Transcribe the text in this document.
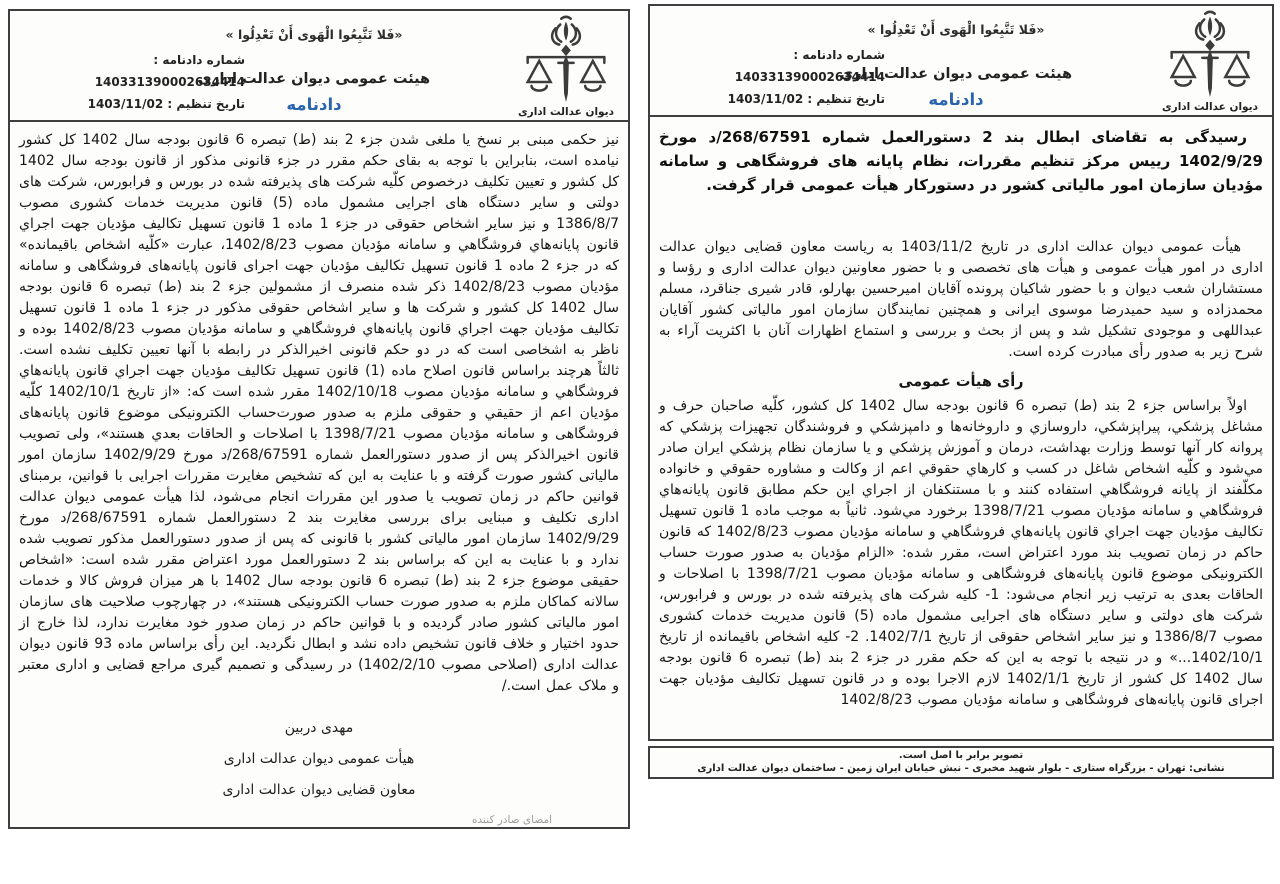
«فَلا تَتَّبِعُوا الْهَوی أَنْ تَعْدِلُوا »
شماره دادنامه : 140331390002634414
تاریخ تنظیم : 1403/11/02
هیئت عمومی دیوان عدالت اداری
دادنامه	دیوان عدالت اداری

رسیدگی به تقاضای ابطال بند 2 دستورالعمل شماره 268/67591/د مورخ 1402/9/29 رییس مرکز تنظیم مقررات، نظام پایانه های فروشگاهی و سامانه مؤدیان سازمان امور مالیاتی کشور در دستورکار هیأت عمومی قرار گرفت.

هیأت عمومی دیوان عدالت اداری در تاریخ 1403/11/2 به ریاست معاون قضایی دیوان عدالت اداری در امور هیأت عمومی و هیأت های تخصصی و با حضور معاونین دیوان عدالت اداری و رؤسا و مستشاران شعب دیوان و با حضور شاکیان پرونده آقایان امیرحسین بهارلو، قادر شیری جناقرد، مسلم محمدزاده و سید حمیدرضا موسوی ایرانی و همچنین نمایندگان سازمان امور مالیاتی کشور آقایان عبداللهی و موجودی تشکیل شد و پس از بحث و بررسی و استماع اظهارات آنان با اکثریت آراء به شرح زیر به صدور رأی مبادرت کرده است.

رأی هیأت عمومی

اولاً براساس جزء 2 بند (ط) تبصره 6 قانون بودجه سال 1402 کل کشور، کلّیه صاحبان حرف و مشاغل پزشکي، پیراپزشکي، داروسازي و داروخانه‌ها و دامپزشکي و فروشندگان تجهیزات پزشکي که پروانه کار آنها توسط وزارت بهداشت، درمان و آموزش پزشکي و یا سازمان نظام پزشکي ایران صادر مي‌شود و کلّیه اشخاص شاغل در کسب و کارهاي حقوقي اعم از وکالت و مشاوره حقوقي و خانواده مکلّفند از پایانه فروشگاهي استفاده کنند و با مستنکفان از اجراي این حکم مطابق قانون پایانه‌هاي فروشگاهي و سامانه مؤدیان مصوب 1398/7/21 برخورد مي‌شود. ثانیاً به موجب ماده 1 قانون تسهیل تکالیف مؤدیان جهت اجراي قانون پایانه‌هاي فروشگاهي و سامانه مؤدیان مصوب 1402/8/23 که قانون حاکم در زمان تصویب بند مورد اعتراض است، مقرر شده: «الزام مؤدیان به صدور صورت حساب الکترونیکی موضوع قانون پایانه‌های فروشگاهی و سامانه مؤدیان مصوب 1398/7/21 با اصلاحات و الحاقات بعدی به ترتیب زیر انجام می‌شود: 1- کلیه شرکت های پذیرفته شده در بورس و فرابورس، شرکت های دولتی و سایر دستگاه های اجرایی مشمول ماده (5) قانون مدیریت خدمات کشوری مصوب 1386/8/7 و نیز سایر اشخاص حقوقی از تاریخ 1402/7/1. 2- کلیه اشخاص باقیمانده از تاریخ 1402/10/1...» و در نتیجه با توجه به این که حکم مقرر در جزء 2 بند (ط) تبصره 6 قانون بودجه سال 1402 کل کشور از تاریخ 1402/1/1 لازم الاجرا بوده و در قانون تسهیل تکالیف مؤدیان جهت اجرای قانون پایانه‌های فروشگاهی و سامانه مؤدیان مصوب 1402/8/23

تصویر برابر با اصل است.
نشانی: تهران - بزرگراه ستاری - بلوار شهید مخبری - نبش خیابان ایران زمین - ساختمان دیوان عدالت اداری
«فَلا تَتَّبِعُوا الْهَوی أَنْ تَعْدِلُوا »
شماره دادنامه : 140331390002634414
تاریخ تنظیم : 1403/11/02
هیئت عمومی دیوان عدالت اداری
دادنامه	دیوان عدالت اداری

نیز حکمی مبنی بر نسخ یا ملغی شدن جزء 2 بند (ط) تبصره 6 قانون بودجه سال 1402 کل کشور نیامده است، بنابراین با توجه به بقای حکم مقرر در جزء قانونی مذکور از قانون بودجه سال 1402 کل کشور و تعیین تکلیف درخصوص کلّیه شرکت های پذیرفته شده در بورس و فرابورس، شرکت های دولتی و سایر دستگاه های اجرایی مشمول ماده (5) قانون مدیریت خدمات کشوری مصوب 1386/8/7 و نیز سایر اشخاص حقوقی در جزء 1 ماده 1 قانون تسهیل تکالیف مؤدیان جهت اجراي قانون پایانه‌هاي فروشگاهي و سامانه مؤدیان مصوب 1402/8/23، عبارت «کلّیه اشخاص باقیمانده» که در جزء 2 ماده 1 قانون تسهیل تکالیف مؤدیان جهت اجرای قانون پایانه‌های فروشگاهی و سامانه مؤدیان مصوب 1402/8/23 ذکر شده منصرف از مشمولین جزء 2 بند (ط) تبصره 6 قانون بودجه سال 1402 کل کشور و شرکت ها و سایر اشخاص حقوقی مذکور در جزء 1 ماده 1 قانون تسهیل تکالیف مؤدیان جهت اجراي قانون پایانه‌هاي فروشگاهي و سامانه مؤدیان مصوب 1402/8/23 بوده و ناظر به اشخاصی است که در دو حکم قانونی اخیرالذکر در رابطه با آنها تعیین تکلیف نشده است. ثالثاً هرچند براساس قانون اصلاح ماده (1) قانون تسهیل تکالیف مؤدیان جهت اجراي قانون پایانه‌هاي فروشگاهي و سامانه مؤدیان مصوب 1402/10/18 مقرر شده است که: «از تاریخ 1402/10/1 کلّیه مؤدیان اعم از حقیقي و حقوقی ملزم به صدور صورت‌حساب الکترونیکی موضوع قانون پایانه‌های فروشگاهی و سامانه مؤدیان مصوب 1398/7/21 با اصلاحات و الحاقات بعدي هستند»، ولی تصویب قانون اخیرالذکر پس از صدور دستورالعمل شماره 268/67591/د مورخ 1402/9/29 سازمان امور مالیاتی کشور صورت گرفته و با عنایت به این که تشخیص مغایرت مقررات اجرایی با قوانین، برمبنای قوانین حاکم در زمان تصویب یا صدور این مقررات انجام می‌شود، لذا هیأت عمومی دیوان عدالت اداری تکلیف و مبنایی برای بررسی مغایرت بند 2 دستورالعمل شماره 268/67591/د مورخ 1402/9/29 سازمان امور مالیاتی کشور با قانونی که پس از صدور دستورالعمل مذکور تصویب شده ندارد و با عنایت به این که براساس بند 2 دستورالعمل مورد اعتراض مقرر شده است: «اشخاص حقیقی موضوع جزء 2 بند (ط) تبصره 6 قانون بودجه سال 1402 با هر میزان فروش کالا و خدمات سالانه کماکان ملزم به صدور صورت حساب الکترونیکی هستند»، در چهارچوب صلاحیت های سازمان امور مالیاتی کشور صادر گردیده و با قوانین حاکم در زمان صدور خود مغایرت ندارد، لذا خارج از حدود اختیار و خلاف قانون تشخیص داده نشد و ابطال نگردید. این رأی براساس ماده 93 قانون دیوان عدالت اداری (اصلاحی مصوب 1402/2/10) در رسیدگی و تصمیم گیری مراجع قضایی و اداری معتبر و ملاک عمل است./

مهدی دربین
هیأت عمومی دیوان عدالت اداری
معاون قضایی دیوان عدالت اداری
امضای صادر کننده
